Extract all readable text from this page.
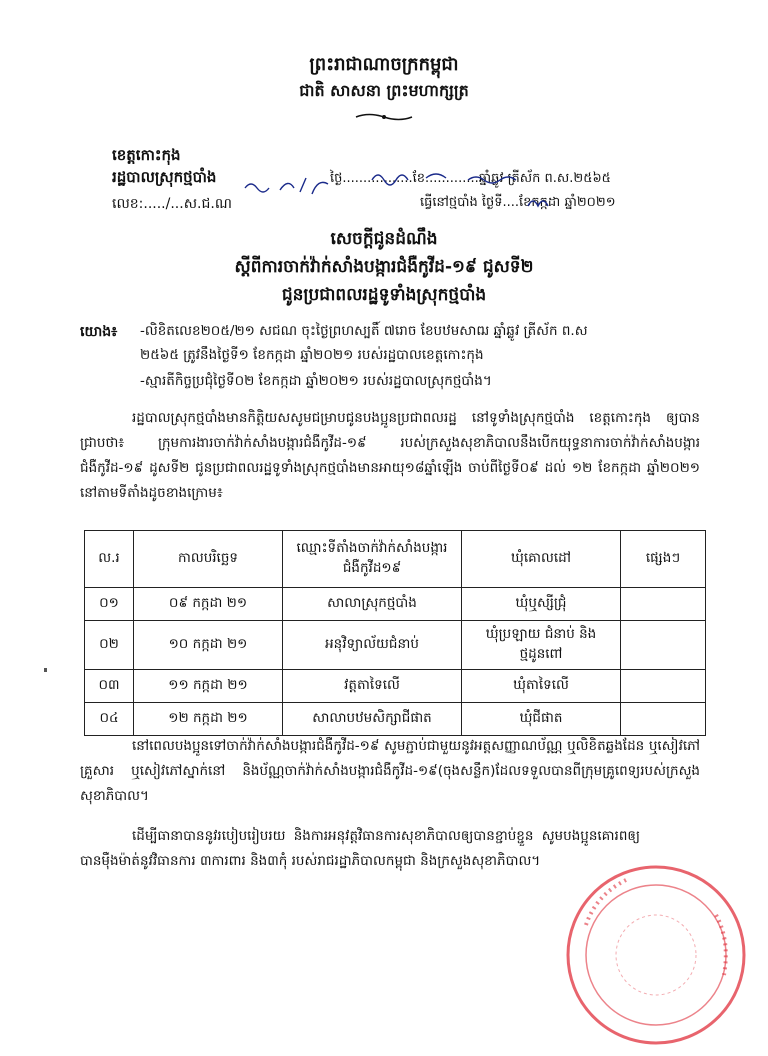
ព្រះរាជាណាចក្រកម្ពុជា
ជាតិ សាសនា ព្រះមហាក្សត្រ
ខេត្តកោះកុង
រដ្ឋបាលស្រុកថ្មបាំង
លេខ:...../...ស.ជ.ណ
ថ្ងៃ.................ខែ.............ឆ្នាំឆ្លូវ ត្រីស័ក ព.ស.២៥៦៥
ធ្វើនៅថ្មបាំង ថ្ងៃទី....ខែកក្កដា ឆ្នាំ២០២១
សេចក្តីជូនដំណឹង
ស្តីពីការចាក់វ៉ាក់សាំងបង្ការជំងឺកូវីដ-១៩ ជូសទី២
ជូនប្រជាពលរដ្ឋទូទាំងស្រុកថ្មបាំង
យោង៖ -លិខិតលេខ២០៥/២១ សជណ ចុះថ្ងៃព្រហស្បតិ៍ ៧រោច ខែបឋមសាឍ ឆ្នាំឆ្លូវ ត្រីស័ក ព.ស
២៥៦៥ ត្រូវនឹងថ្ងៃទី១ ខែកក្កដា ឆ្នាំ២០២១ របស់រដ្ឋបាលខេត្តកោះកុង
-ស្មារតីកិច្ចប្រជុំថ្ងៃទី០២ ខែកក្កដា ឆ្នាំ២០២១ របស់រដ្ឋបាលស្រុកថ្មបាំង។

រដ្ឋបាលស្រុកថ្មបាំងមានកិត្តិយសសូមជម្រាបជូនបងប្អូនប្រជាពលរដ្ឋ នៅទូទាំងស្រុកថ្មបាំង ខេត្តកោះកុង ឲ្យបានជ្រាបថា៖ ក្រុមការងារចាក់វ៉ាក់សាំងបង្ការជំងឺកូវីដ-១៩ របស់ក្រសួងសុខាភិបាលនឹងបើកយុទ្ធនាការចាក់វ៉ាក់សាំងបង្ការជំងឺកូវីដ-១៩ ដូសទី២ ជូនប្រជាពលរដ្ឋទូទាំងស្រុកថ្មបាំងមានអាយុ១៨ឆ្នាំឡើង ចាប់ពីថ្ងៃទី០៩ ដល់ ១២ ខែកក្កដា ឆ្នាំ២០២១ នៅតាមទីតាំងដូចខាងក្រោម៖

ល.រ	កាលបរិច្ឆេទ	ឈ្មោះទីតាំងចាក់វ៉ាក់សាំងបង្ការជំងឺកូវីដ១៩	ឃុំគោលដៅ	ផ្សេងៗ
០១	០៩ កក្កដា ២១	សាលាស្រុកថ្មបាំង	ឃុំឬស្សីជ្រុំ	
០២	១០ កក្កដា ២១	អនុវិទ្យាល័យជំនាប់	ឃុំប្រឡាយ ជំនាប់ និងថ្មដូនពៅ	
០៣	១១ កក្កដា ២១	វត្តតាទៃលើ	ឃុំតាទៃលើ	
០៤	១២ កក្កដា ២១	សាលាបឋមសិក្សាជីផាត	ឃុំជីផាត	

នៅពេលបងប្អូនទៅចាក់វ៉ាក់សាំងបង្ការជំងឺកូវីដ-១៩ សូមភ្ជាប់ជាមួយនូវអត្តសញ្ញាណប័ណ្ណ ឬលិខិតឆ្លងដែន ឬសៀវភៅគ្រួសារ ឬសៀវភៅស្នាក់នៅ និងប័ណ្ណចាក់វ៉ាក់សាំងបង្ការជំងឺកូវីដ-១៩(ចុងសន្លឹក)ដែលទទួលបានពីក្រុមគ្រូពេទ្យរបស់ក្រសួងសុខាភិបាល។

ដើម្បីធានាបាននូវរបៀបរៀបរយ និងការអនុវត្តវិធានការសុខាភិបាលឲ្យបានខ្ជាប់ខ្ជួន សូមបងប្អូនគោរពឲ្យបានម៉ឺងម៉ាត់នូវវិធានការ ៣ការពារ និង៣កុំ របស់រាជរដ្ឋាភិបាលកម្ពុជា និងក្រសួងសុខាភិបាល។
